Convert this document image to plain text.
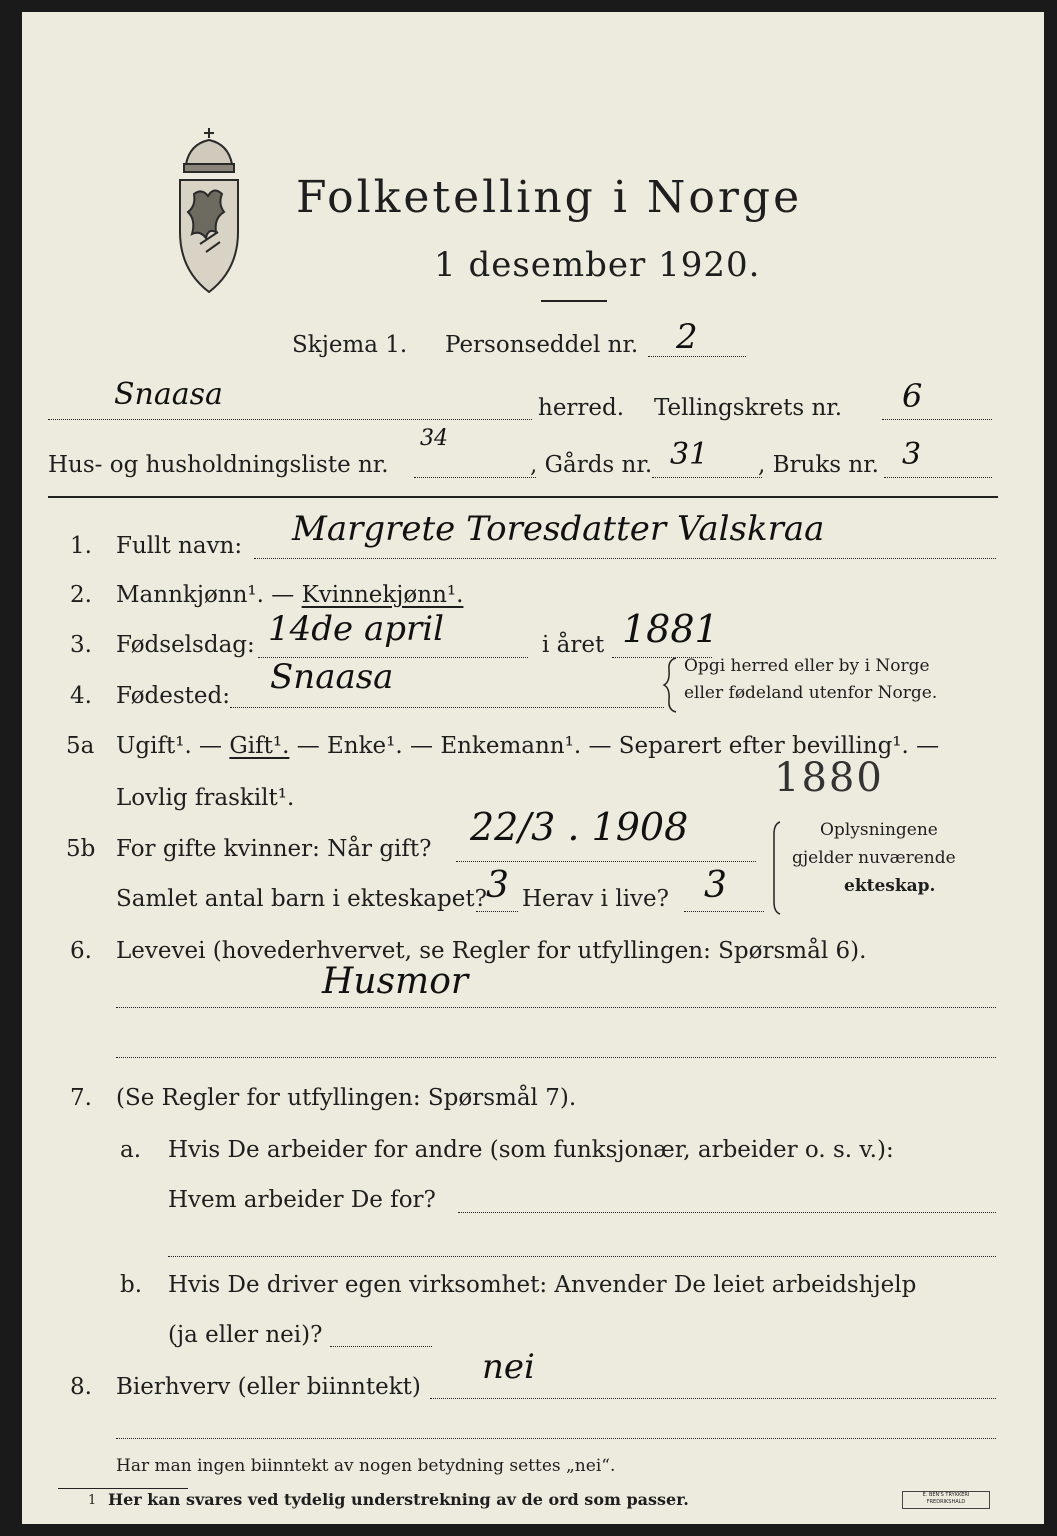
Folketelling i Norge
1 desember 1920.
Skjema 1. Personseddel nr. 2
Snaasa	herred. Tellingskrets nr. 6
Hus- og husholdningsliste nr.
34
, Gårds nr. 31 , Bruks nr. 3
1. Fullt navn: Margrete Toresdatter Valskraa
2. Mannkjønn¹. — Kvinnekjønn¹.
3. Fødselsdag: 14de april	i året 1881
4. Fødested: Snaasa	Opgi herred eller by i Norge
eller fødeland utenfor Norge.
5a Ugift¹. — Gift¹. — Enke¹. — Enkemann¹. — Separert efter bevilling¹. —
Lovlig fraskilt¹.	1880
5b For gifte kvinner: Når gift? 22/3 . 1908
Samlet antal barn i ekteskapet? 3 Herav i live? 3
Oplysningene
gjelder nuværende
ekteskap.
6. Levevei (hovederhvervet, se Regler for utfyllingen: Spørsmål 6).
Husmor
7. (Se Regler for utfyllingen: Spørsmål 7).
a. Hvis De arbeider for andre (som funksjonær, arbeider o. s. v.):
Hvem arbeider De for?
b. Hvis De driver egen virksomhet: Anvender De leiet arbeidshjelp
(ja eller nei)?
8. Bierhverv (eller biinntekt) nei
Har man ingen biinntekt av nogen betydning settes „nei“.
1 Her kan svares ved tydelig understrekning av de ord som passer.	E. BEN'S TRYKKERI FREDRIKSHALD
